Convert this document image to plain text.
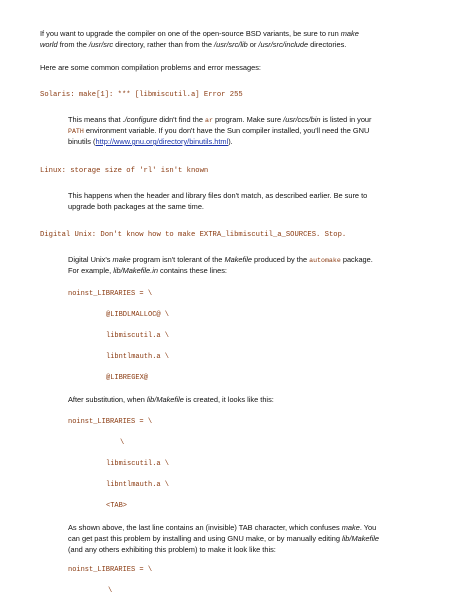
If you want to upgrade the compiler on one of the open-source BSD variants, be sure to run make
world from the /usr/src directory, rather than from the /usr/src/lib or /usr/src/include directories.
Here are some common compilation problems and error messages:
Solaris: make[1]: *** [libmiscutil.a] Error 255
This means that ./configure didn't find the ar program. Make sure /usr/ccs/bin is listed in your
PATH environment variable. If you don't have the Sun compiler installed, you'll need the GNU
binutils (http://www.gnu.org/directory/binutils.html).
Linux: storage size of 'rl' isn't known
This happens when the header and library files don't match, as described earlier. Be sure to
upgrade both packages at the same time.
Digital Unix: Don't know how to make EXTRA_libmiscutil_a_SOURCES. Stop.
Digital Unix's make program isn't tolerant of the Makefile produced by the automake package.
For example, lib/Makefile.in contains these lines:
noinst_LIBRARIES = \
@LIBDLMALLOC@ \
libmiscutil.a \
libntlmauth.a \
@LIBREGEX@
After substitution, when lib/Makefile is created, it looks like this:
noinst_LIBRARIES = \
\
libmiscutil.a \
libntlmauth.a \
<TAB>
As shown above, the last line contains an (invisible) TAB character, which confuses make. You
can get past this problem by installing and using GNU make, or by manually editing lib/Makefile
(and any others exhibiting this problem) to make it look like this:
noinst_LIBRARIES = \
\
